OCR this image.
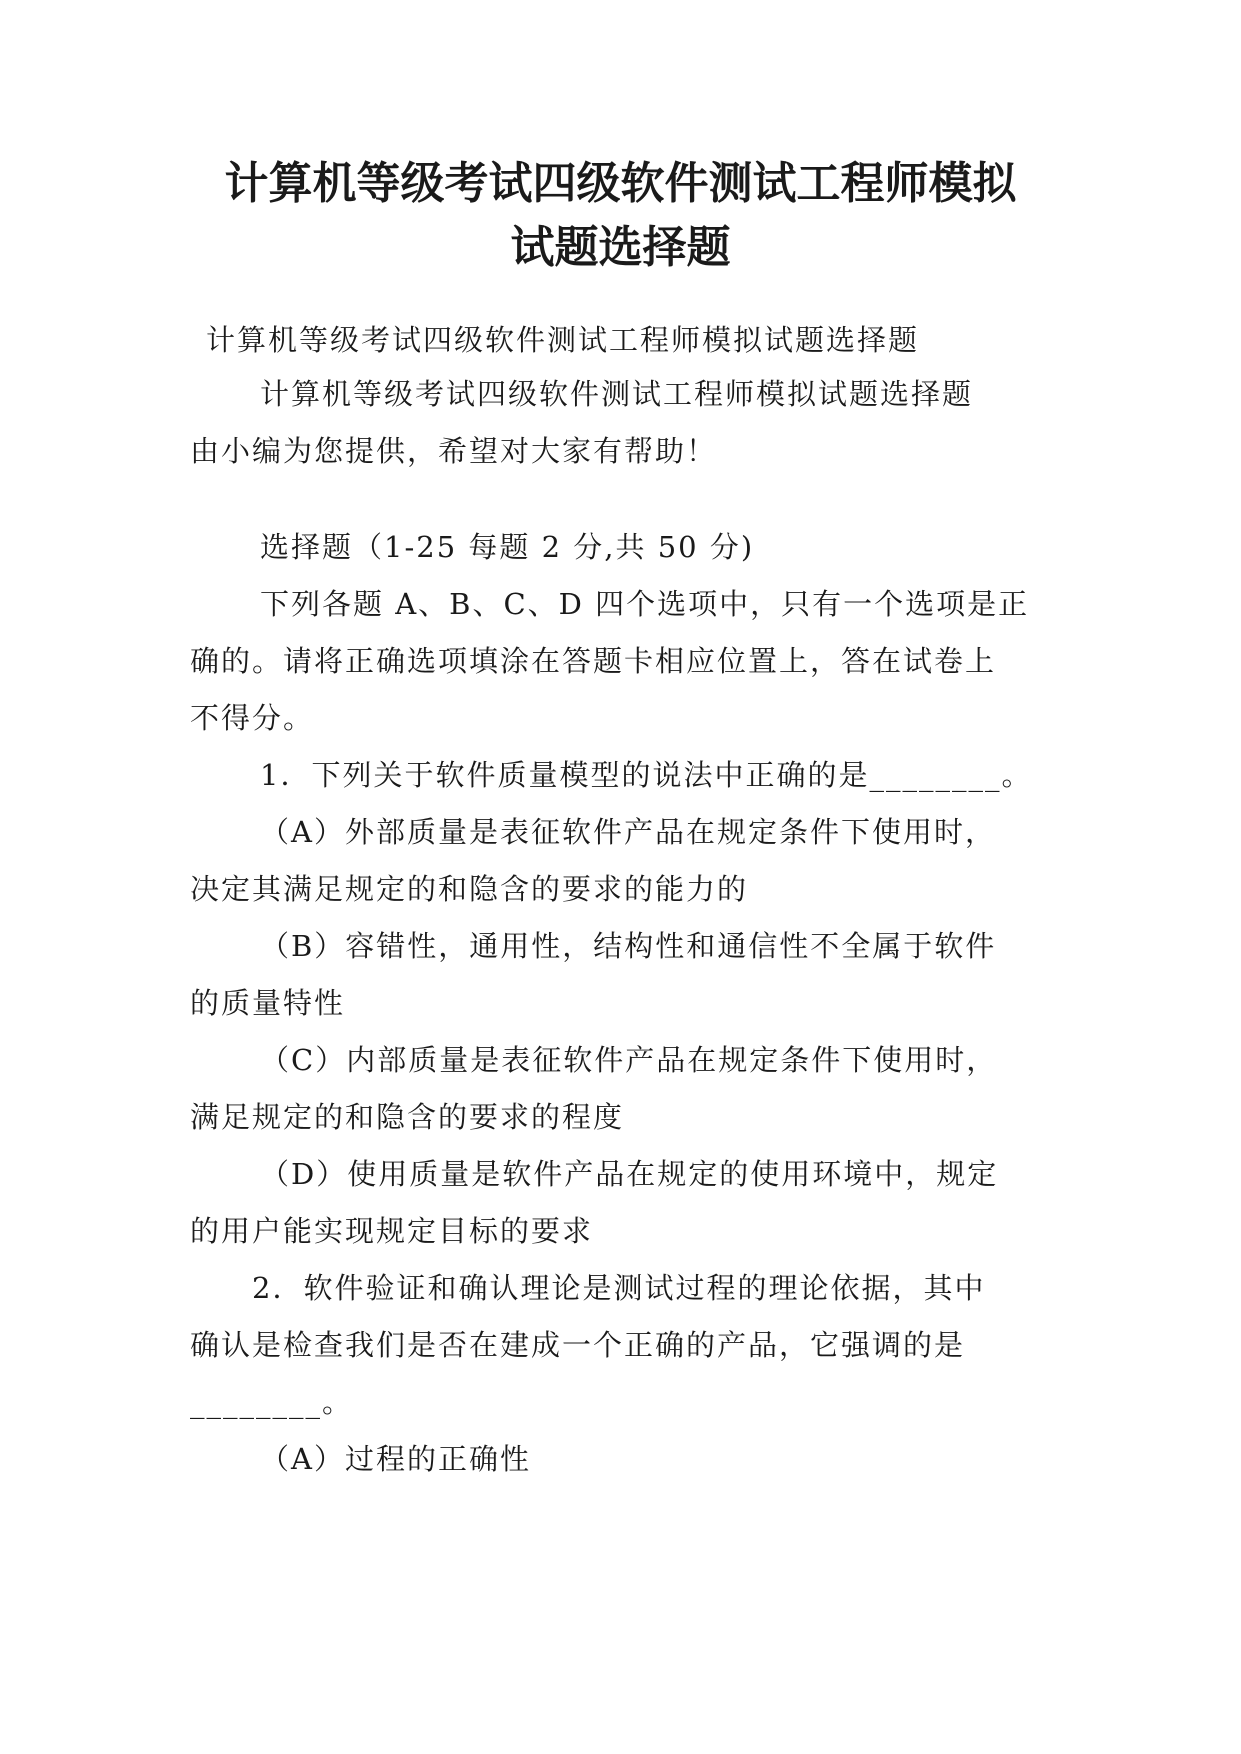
计算机等级考试四级软件测试工程师模拟
试题选择题
计算机等级考试四级软件测试工程师模拟试题选择题

计算机等级考试四级软件测试工程师模拟试题选择题

由小编为您提供，希望对大家有帮助！

选择题（1-25 每题 2 分,共 50 分)

下列各题 A、B、C、D 四个选项中，只有一个选项是正

确的。请将正确选项填涂在答题卡相应位置上，答在试卷上

不得分。

1．下列关于软件质量模型的说法中正确的是________。

（A）外部质量是表征软件产品在规定条件下使用时，

决定其满足规定的和隐含的要求的能力的

（B）容错性，通用性，结构性和通信性不全属于软件

的质量特性

（C）内部质量是表征软件产品在规定条件下使用时，

满足规定的和隐含的要求的程度

（D）使用质量是软件产品在规定的使用环境中，规定

的用户能实现规定目标的要求

2．软件验证和确认理论是测试过程的理论依据，其中

确认是检查我们是否在建成一个正确的产品，它强调的是

________。

（A）过程的正确性
